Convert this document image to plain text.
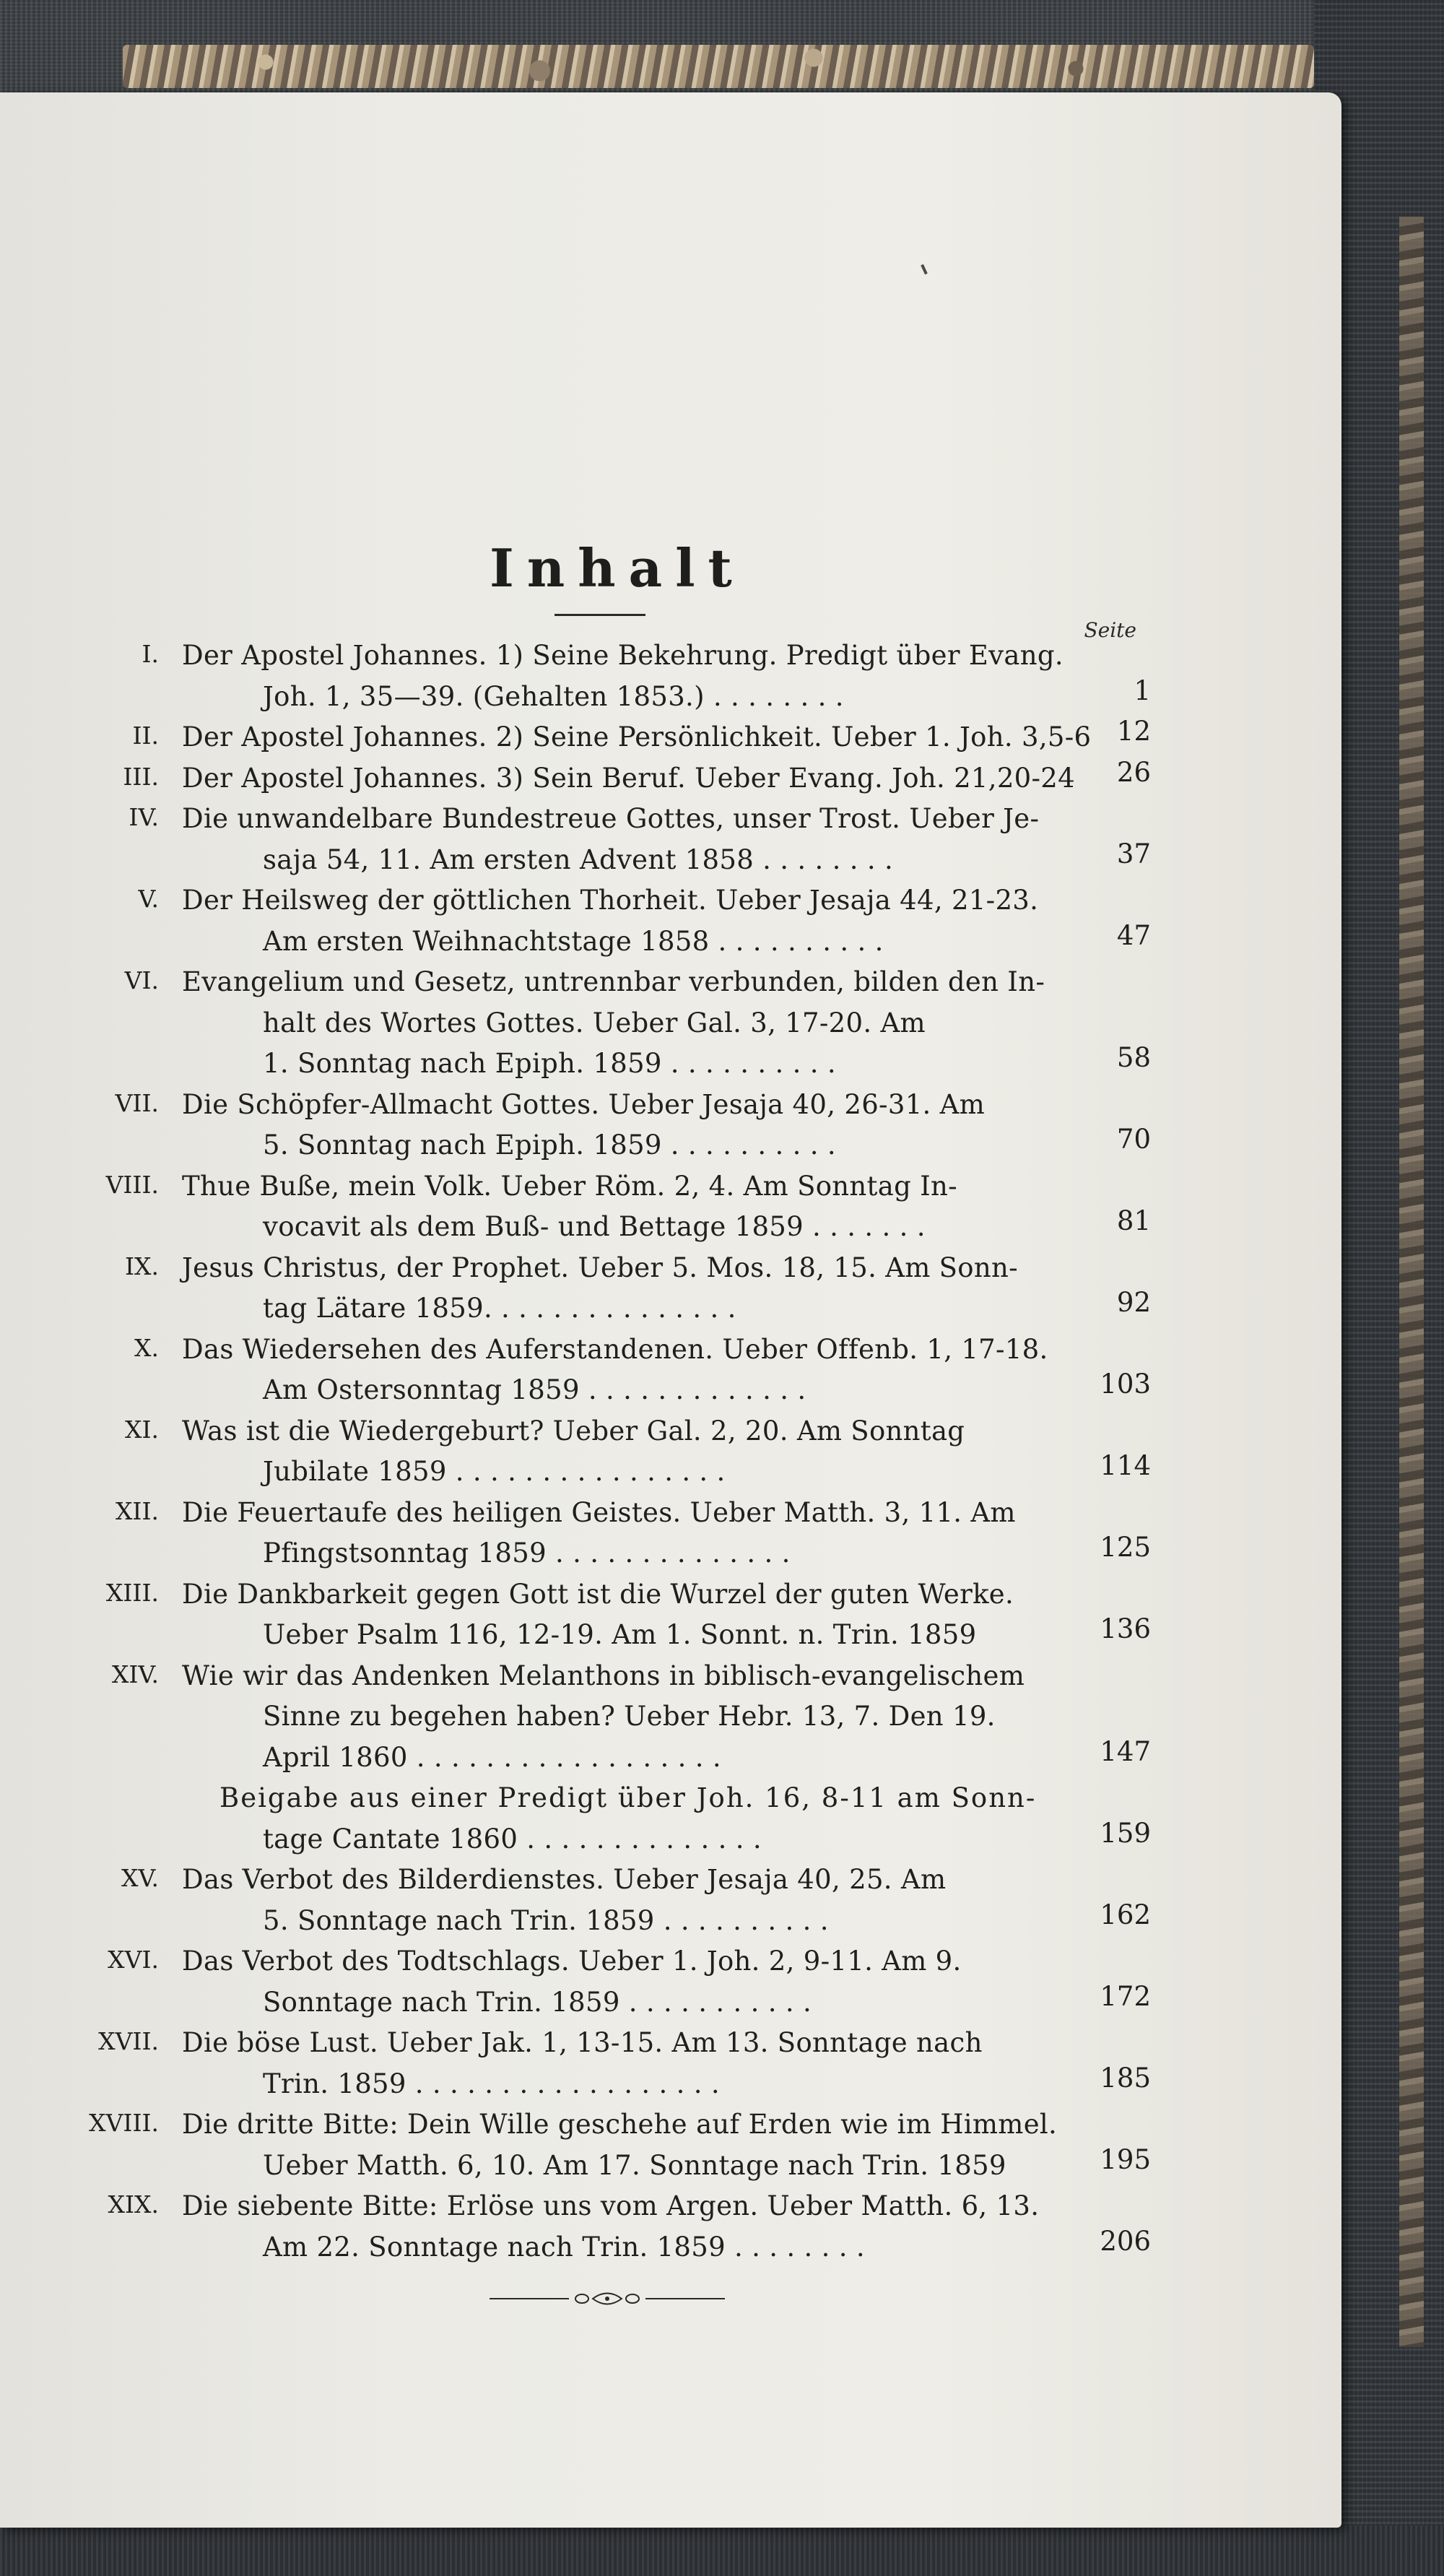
Inhalt
Seite
I. Der Apostel Johannes. 1) Seine Bekehrung. Predigt über Evang.
Joh. 1, 35—39. (Gehalten 1853.) . . . . . . . .	1
II. Der Apostel Johannes. 2) Seine Persönlichkeit. Ueber 1. Joh. 3,5-6 12
III. Der Apostel Johannes. 3) Sein Beruf. Ueber Evang. Joh. 21,20-24	26
IV. Die unwandelbare Bundestreue Gottes, unser Trost. Ueber Je-
saja 54, 11. Am ersten Advent 1858 . . . . . . . .	37
V. Der Heilsweg der göttlichen Thorheit. Ueber Jesaja 44, 21-23.
Am ersten Weihnachtstage 1858 . . . . . . . . . .	47
VI. Evangelium und Gesetz, untrennbar verbunden, bilden den In-
halt des Wortes Gottes. Ueber Gal. 3, 17-20. Am
1. Sonntag nach Epiph. 1859 . . . . . . . . . .	58
VII. Die Schöpfer-Allmacht Gottes. Ueber Jesaja 40, 26-31. Am
5. Sonntag nach Epiph. 1859 . . . . . . . . . .	70
VIII. Thue Buße, mein Volk. Ueber Röm. 2, 4. Am Sonntag In-
vocavit als dem Buß- und Bettage 1859 . . . . . . .	81
IX. Jesus Christus, der Prophet. Ueber 5. Mos. 18, 15. Am Sonn-
tag Lätare 1859. . . . . . . . . . . . . . .	92
X. Das Wiedersehen des Auferstandenen. Ueber Offenb. 1, 17-18.
Am Ostersonntag 1859 . . . . . . . . . . . . .	103
XI. Was ist die Wiedergeburt? Ueber Gal. 2, 20. Am Sonntag
Jubilate 1859 . . . . . . . . . . . . . . . .	114
XII. Die Feuertaufe des heiligen Geistes. Ueber Matth. 3, 11. Am
Pfingstsonntag 1859 . . . . . . . . . . . . . .	125
XIII. Die Dankbarkeit gegen Gott ist die Wurzel der guten Werke.
Ueber Psalm 116, 12-19. Am 1. Sonnt. n. Trin. 1859	136
XIV. Wie wir das Andenken Melanthons in biblisch-evangelischem
Sinne zu begehen haben? Ueber Hebr. 13, 7. Den 19.
April 1860 . . . . . . . . . . . . . . . . . .	147
Beigabe aus einer Predigt über Joh. 16, 8-11 am Sonn-
tage Cantate 1860 . . . . . . . . . . . . . .	159
XV. Das Verbot des Bilderdienstes. Ueber Jesaja 40, 25. Am
5. Sonntage nach Trin. 1859 . . . . . . . . . .	162
XVI. Das Verbot des Todtschlags. Ueber 1. Joh. 2, 9-11. Am 9.
Sonntage nach Trin. 1859 . . . . . . . . . . .	172
XVII. Die böse Lust. Ueber Jak. 1, 13-15. Am 13. Sonntage nach
Trin. 1859 . . . . . . . . . . . . . . . . . .	185
XVIII. Die dritte Bitte: Dein Wille geschehe auf Erden wie im Himmel.
Ueber Matth. 6, 10. Am 17. Sonntage nach Trin. 1859	195
XIX. Die siebente Bitte: Erlöse uns vom Argen. Ueber Matth. 6, 13.
Am 22. Sonntage nach Trin. 1859 . . . . . . . .	206
